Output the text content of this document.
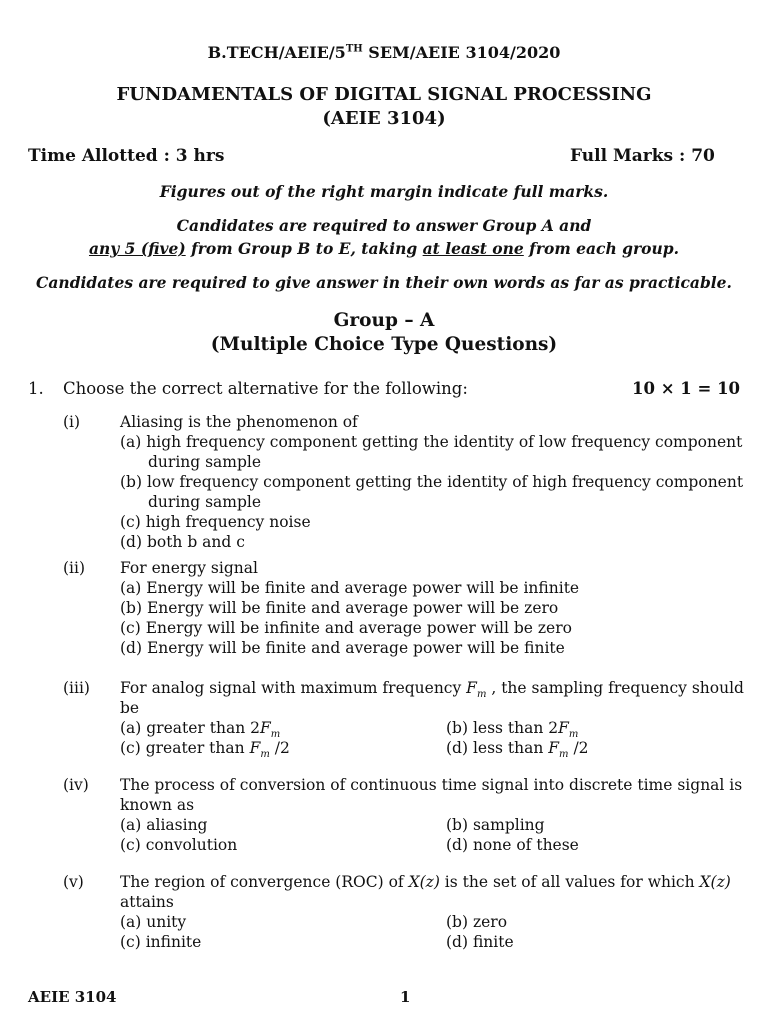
B.TECH/AEIE/5TH SEM/AEIE 3104/2020
FUNDAMENTALS OF DIGITAL SIGNAL PROCESSING
(AEIE 3104)
Time Allotted : 3 hrs	Full Marks : 70
Figures out of the right margin indicate full marks.
Candidates are required to answer Group A and
any 5 (five) from Group B to E, taking at least one from each group.
Candidates are required to give answer in their own words as far as practicable.
Group – A
(Multiple Choice Type Questions)
1. Choose the correct alternative for the following:	10 × 1 = 10
(i)	Aliasing is the phenomenon of
(a) high frequency component getting the identity of low frequency component
during sample
(b) low frequency component getting the identity of high frequency component
during sample
(c) high frequency noise
(d) both b and c
(ii) For energy signal
(a) Energy will be finite and average power will be infinite
(b) Energy will be finite and average power will be zero
(c) Energy will be infinite and average power will be zero
(d) Energy will be finite and average power will be finite
(iii) For analog signal with maximum frequency $F_m$ , the sampling frequency should
be
(a) greater than $2F_m$	(b) less than $2F_m$
(c) greater than $F_m$ /2	(d) less than $F_m$ /2
(iv) The process of conversion of continuous time signal into discrete time signal is
known as
(a) aliasing	(b) sampling
(c) convolution	(d) none of these
(v) The region of convergence (ROC) of X(z) is the set of all values for which X(z)
attains
(a) unity	(b) zero
(c) infinite	(d) finite
AEIE 3104	1
